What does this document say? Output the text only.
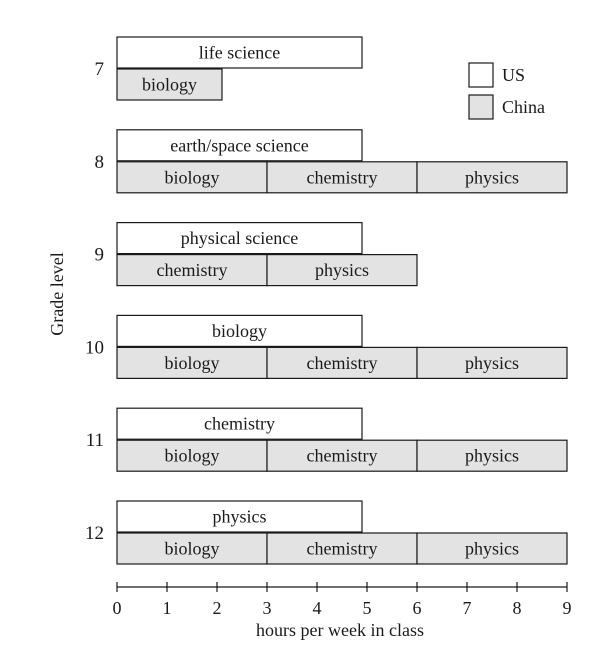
7
life science
biology
8
earth/space science
biology	chemistry	physics
9
physical science
chemistry	physics
10
biology
biology	chemistry	physics
11
chemistry
biology	chemistry	physics
12
physics
biology	chemistry	physics
0 1 2 3 4 5 6 7 8 9
hours per week in class
Grade level
US
China
